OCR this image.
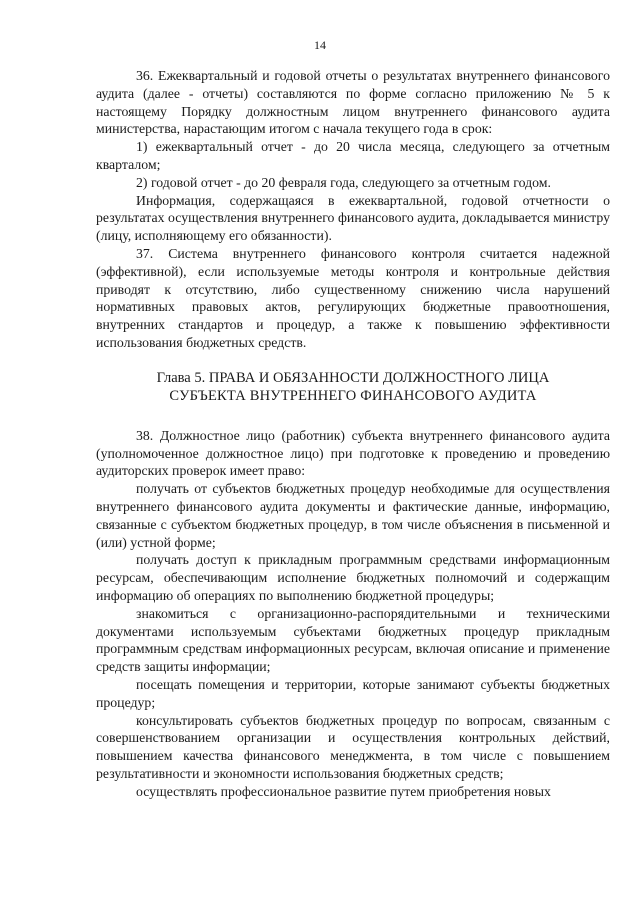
14

36. Ежеквартальный и годовой отчеты о результатах внутреннего финансового аудита (далее - отчеты) составляются по форме согласно приложению № 5 к настоящему Порядку должностным лицом внутреннего финансового аудита министерства, нарастающим итогом с начала текущего года в срок:

1) ежеквартальный отчет - до 20 числа месяца, следующего за отчетным кварталом;

2) годовой отчет - до 20 февраля года, следующего за отчетным годом.

Информация, содержащаяся в ежеквартальной, годовой отчетности о результатах осуществления внутреннего финансового аудита, докладывается министру (лицу, исполняющему его обязанности).

37. Система внутреннего финансового контроля считается надежной (эффективной), если используемые методы контроля и контрольные действия приводят к отсутствию, либо существенному снижению числа нарушений нормативных правовых актов, регулирующих бюджетные правоотношения, внутренних стандартов и процедур, а также к повышению эффективности использования бюджетных средств.

Глава 5. ПРАВА И ОБЯЗАННОСТИ ДОЛЖНОСТНОГО ЛИЦА
СУБЪЕКТА ВНУТРЕННЕГО ФИНАНСОВОГО АУДИТА

38. Должностное лицо (работник) субъекта внутреннего финансового аудита (уполномоченное должностное лицо) при подготовке к проведению и проведению аудиторских проверок имеет право:

получать от субъектов бюджетных процедур необходимые для осуществления внутреннего финансового аудита документы и фактические данные, информацию, связанные с субъектом бюджетных процедур, в том числе объяснения в письменной и (или) устной форме;

получать доступ к прикладным программным средствами информационным ресурсам, обеспечивающим исполнение бюджетных полномочий и содержащим информацию об операциях по выполнению бюджетной процедуры;

знакомиться с организационно-распорядительными и техническими документами используемым субъектами бюджетных процедур прикладным программным средствам информационных ресурсам, включая описание и применение средств защиты информации;

посещать помещения и территории, которые занимают субъекты бюджетных процедур;

консультировать субъектов бюджетных процедур по вопросам, связанным с совершенствованием организации и осуществления контрольных действий, повышением качества финансового менеджмента, в том числе с повышением результативности и экономности использования бюджетных средств;

осуществлять профессиональное развитие путем приобретения новых
